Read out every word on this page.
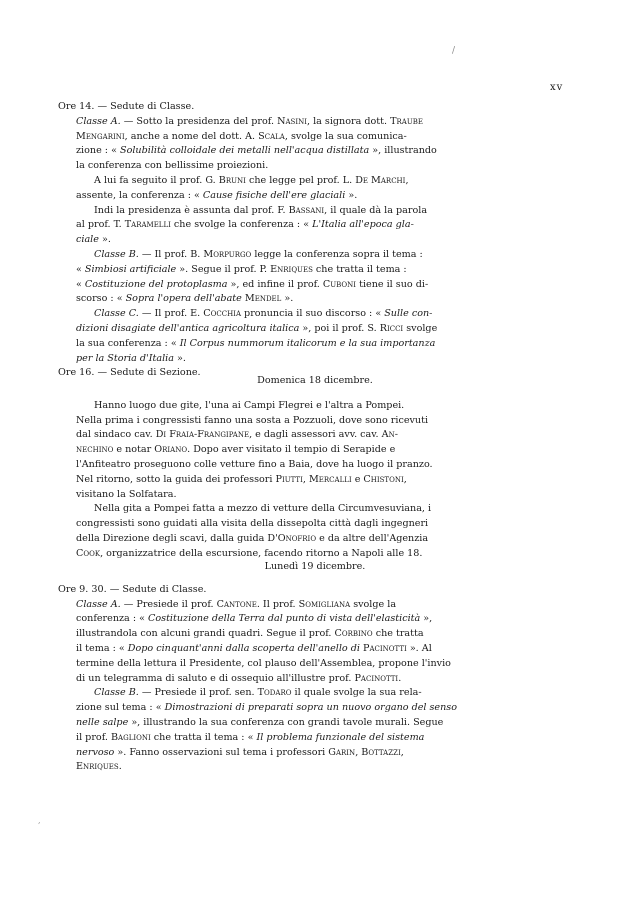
/
xv
,

Ore 14. — Sedute di Classe.

Classe A. — Sotto la presidenza del prof. Nasini, la signora dott. Traube

Mengarini, anche a nome del dott. A. Scala, svolge la sua comunica-

zione : « Solubilità colloidale dei metalli nell'acqua distillata », illustrando

la conferenza con bellissime proiezioni.

A lui fa seguito il prof. G. Bruni che legge pel prof. L. De Marchi,

assente, la conferenza : « Cause fisiche dell'ere glaciali ».

Indi la presidenza è assunta dal prof. F. Bassani, il quale dà la parola

al prof. T. Taramelli che svolge la conferenza : « L'Italia all'epoca gla-

ciale ».

Classe B. — Il prof. B. Morpurgo legge la conferenza sopra il tema :

« Simbiosi artificiale ». Segue il prof. P. Enriques che tratta il tema :

« Costituzione del protoplasma », ed infine il prof. Cuboni tiene il suo di-

scorso : « Sopra l'opera dell'abate Mendel ».

Classe C. — Il prof. E. Cocchia pronuncia il suo discorso : « Sulle con-

dizioni disagiate dell'antica agricoltura italica », poi il prof. S. Ricci svolge

la sua conferenza : « Il Corpus nummorum italicorum e la sua importanza

per la Storia d'Italia ».

Ore 16. — Sedute di Sezione.

Domenica 18 dicembre.

Hanno luogo due gite, l'una ai Campi Flegrei e l'altra a Pompei.

Nella prima i congressisti fanno una sosta a Pozzuoli, dove sono ricevuti

dal sindaco cav. Di Fraia-Frangipane, e dagli assessori avv. cav. An-

nechino e notar Oriano. Dopo aver visitato il tempio di Serapide e

l'Anfiteatro proseguono colle vetture fino a Baia, dove ha luogo il pranzo.

Nel ritorno, sotto la guida dei professori Piutti, Mercalli e Chistoni,

visitano la Solfatara.

Nella gita a Pompei fatta a mezzo di vetture della Circumvesuviana, i

congressisti sono guidati alla visita della dissepolta città dagli ingegneri

della Direzione degli scavi, dalla guida D'Onofrio e da altre dell'Agenzia

Cook, organizzatrice della escursione, facendo ritorno a Napoli alle 18.

Lunedì 19 dicembre.

Ore 9. 30. — Sedute di Classe.

Classe A. — Presiede il prof. Cantone. Il prof. Somigliana svolge la

conferenza : « Costituzione della Terra dal punto di vista dell'elasticità »,

illustrandola con alcuni grandi quadri. Segue il prof. Corbino che tratta

il tema : « Dopo cinquant'anni dalla scoperta dell'anello di Pacinotti ». Al

termine della lettura il Presidente, col plauso dell'Assemblea, propone l'invio

di un telegramma di saluto e di ossequio all'illustre prof. Pacinotti.

Classe B. — Presiede il prof. sen. Todaro il quale svolge la sua rela-

zione sul tema : « Dimostrazioni di preparati sopra un nuovo organo del senso

nelle salpe », illustrando la sua conferenza con grandi tavole murali. Segue

il prof. Baglioni che tratta il tema : « Il problema funzionale del sistema

nervoso ». Fanno osservazioni sul tema i professori Garin, Bottazzi,

Enriques.
